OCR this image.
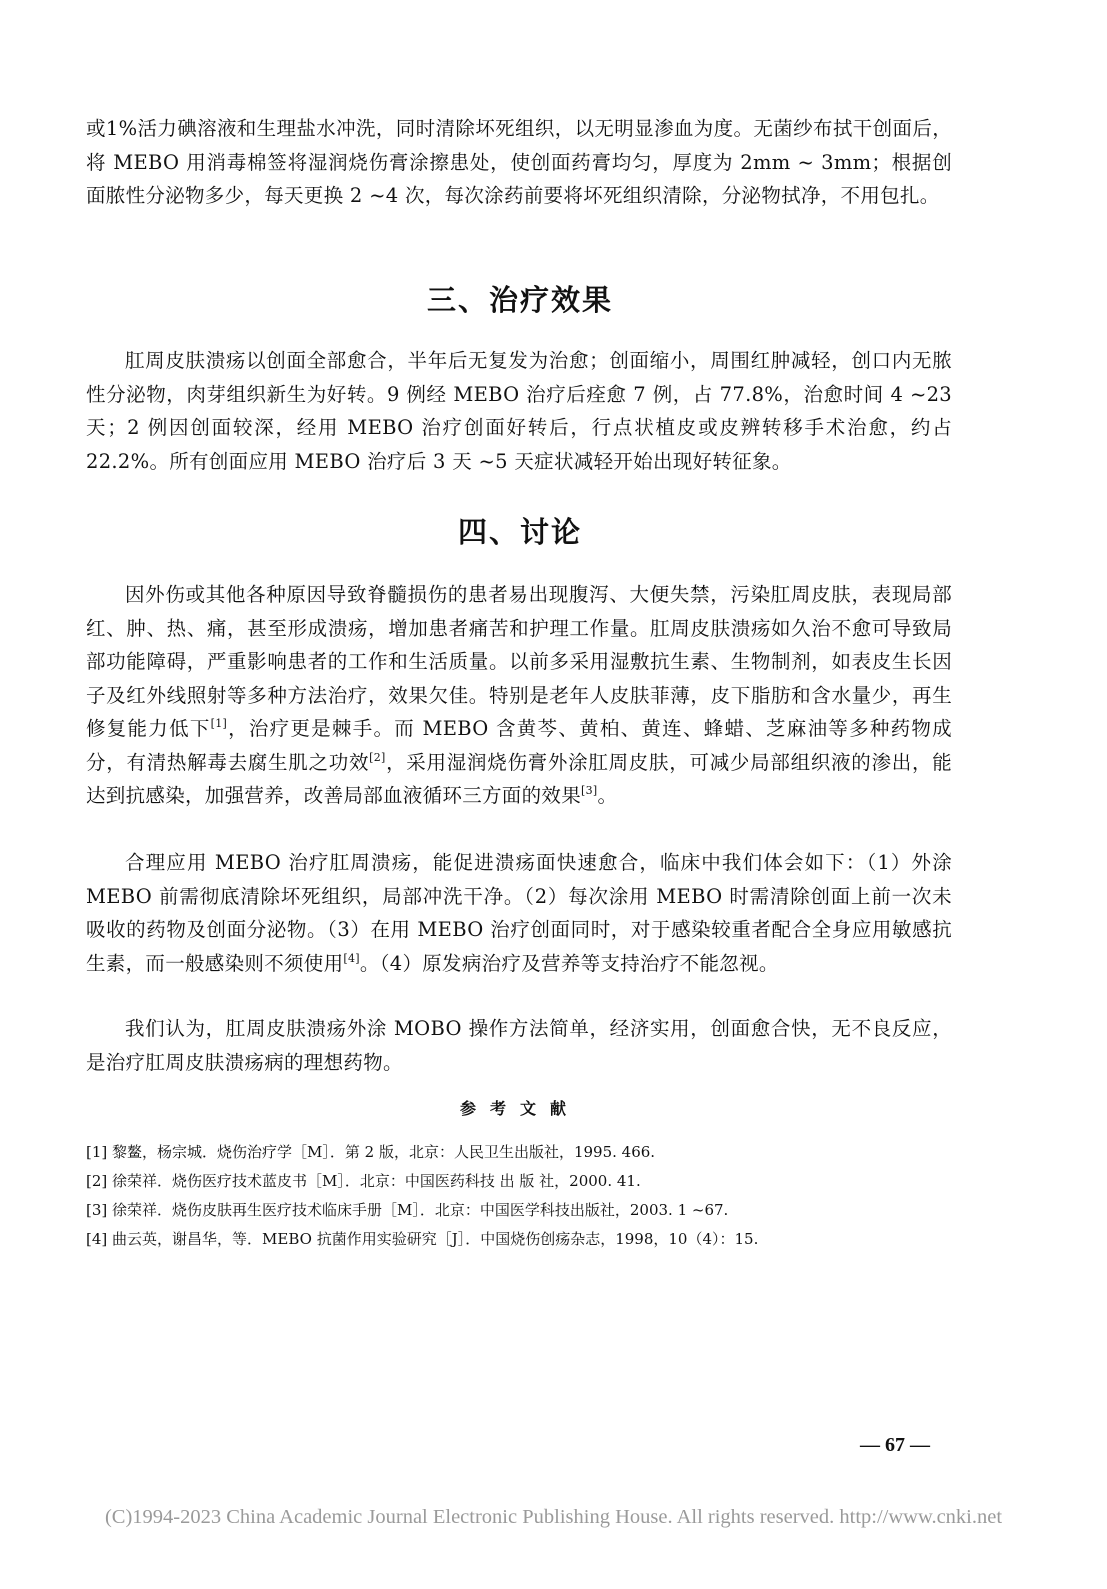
或1%活力碘溶液和生理盐水冲洗，同时清除坏死组织，以无明显渗血为度。无菌纱布拭干创面后，将 MEBO 用消毒棉签将湿润烧伤膏涂擦患处，使创面药膏均匀，厚度为 2mm ~ 3mm；根据创面脓性分泌物多少，每天更换 2 ~4 次，每次涂药前要将坏死组织清除，分泌物拭净，不用包扎。
三、治疗效果
肛周皮肤溃疡以创面全部愈合，半年后无复发为治愈；创面缩小，周围红肿减轻，创口内无脓性分泌物，肉芽组织新生为好转。9 例经 MEBO 治疗后痊愈 7 例，占 77.8%，治愈时间 4 ~23 天；2 例因创面较深，经用 MEBO 治疗创面好转后，行点状植皮或皮辨转移手术治愈，约占 22.2%。所有创面应用 MEBO 治疗后 3 天 ~5 天症状减轻开始出现好转征象。
四、讨论
因外伤或其他各种原因导致脊髓损伤的患者易出现腹泻、大便失禁，污染肛周皮肤，表现局部红、肿、热、痛，甚至形成溃疡，增加患者痛苦和护理工作量。肛周皮肤溃疡如久治不愈可导致局部功能障碍，严重影响患者的工作和生活质量。以前多采用湿敷抗生素、生物制剂，如表皮生长因子及红外线照射等多种方法治疗，效果欠佳。特别是老年人皮肤菲薄，皮下脂肪和含水量少，再生修复能力低下[1]，治疗更是棘手。而 MEBO 含黄芩、黄柏、黄连、蜂蜡、芝麻油等多种药物成分，有清热解毒去腐生肌之功效[2]，采用湿润烧伤膏外涂肛周皮肤，可减少局部组织液的渗出，能达到抗感染，加强营养，改善局部血液循环三方面的效果[3]。
合理应用 MEBO 治疗肛周溃疡，能促进溃疡面快速愈合，临床中我们体会如下：（1）外涂 MEBO 前需彻底清除坏死组织，局部冲洗干净。（2）每次涂用 MEBO 时需清除创面上前一次未吸收的药物及创面分泌物。（3）在用 MEBO 治疗创面同时，对于感染较重者配合全身应用敏感抗生素，而一般感染则不须使用[4]。（4）原发病治疗及营养等支持治疗不能忽视。
我们认为，肛周皮肤溃疡外涂 MOBO 操作方法简单，经济实用，创面愈合快，无不良反应，是治疗肛周皮肤溃疡病的理想药物。
参考文献
[1] 黎鳌，杨宗城．烧伤治疗学［M］．第 2 版，北京：人民卫生出版社，1995. 466.
[2] 徐荣祥．烧伤医疗技术蓝皮书［M］．北京：中国医药科技 出 版 社，2000. 41.
[3] 徐荣祥．烧伤皮肤再生医疗技术临床手册［M］．北京：中国医学科技出版社，2003. 1 ~67.
[4] 曲云英，谢昌华，等．MEBO 抗菌作用实验研究［J］．中国烧伤创疡杂志，1998，10（4）：15.
— 67 —
(C)1994-2023 China Academic Journal Electronic Publishing House. All rights reserved. http://www.cnki.net
